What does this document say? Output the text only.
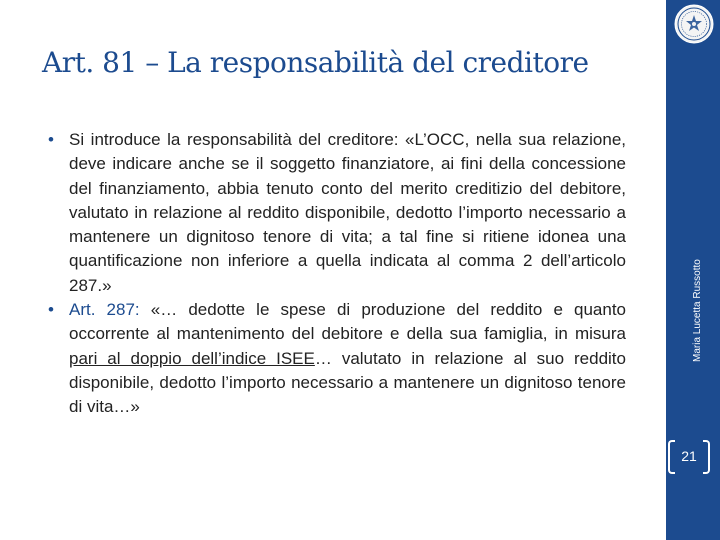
Art. 81 – La responsabilità del creditore

• Si introduce la responsabilità del creditore: «L’OCC, nella sua relazione, deve indicare anche se il soggetto finanziatore, ai fini della concessione del finanziamento, abbia tenuto conto del merito creditizio del debitore, valutato in relazione al reddito disponibile, dedotto l’importo necessario a mantenere un dignitoso tenore di vita; a tal fine si ritiene idonea una quantificazione non inferiore a quella indicata al comma 2 dell’articolo 287.»

• Art. 287: «… dedotte le spese di produzione del reddito e quanto occorrente al mantenimento del debitore e della sua famiglia, in misura pari al doppio dell’indice ISEE… valutato in relazione al suo reddito disponibile, dedotto l’importo necessario a mantenere un dignitoso tenore di vita…»

Maria Lucetta Russotto
21
